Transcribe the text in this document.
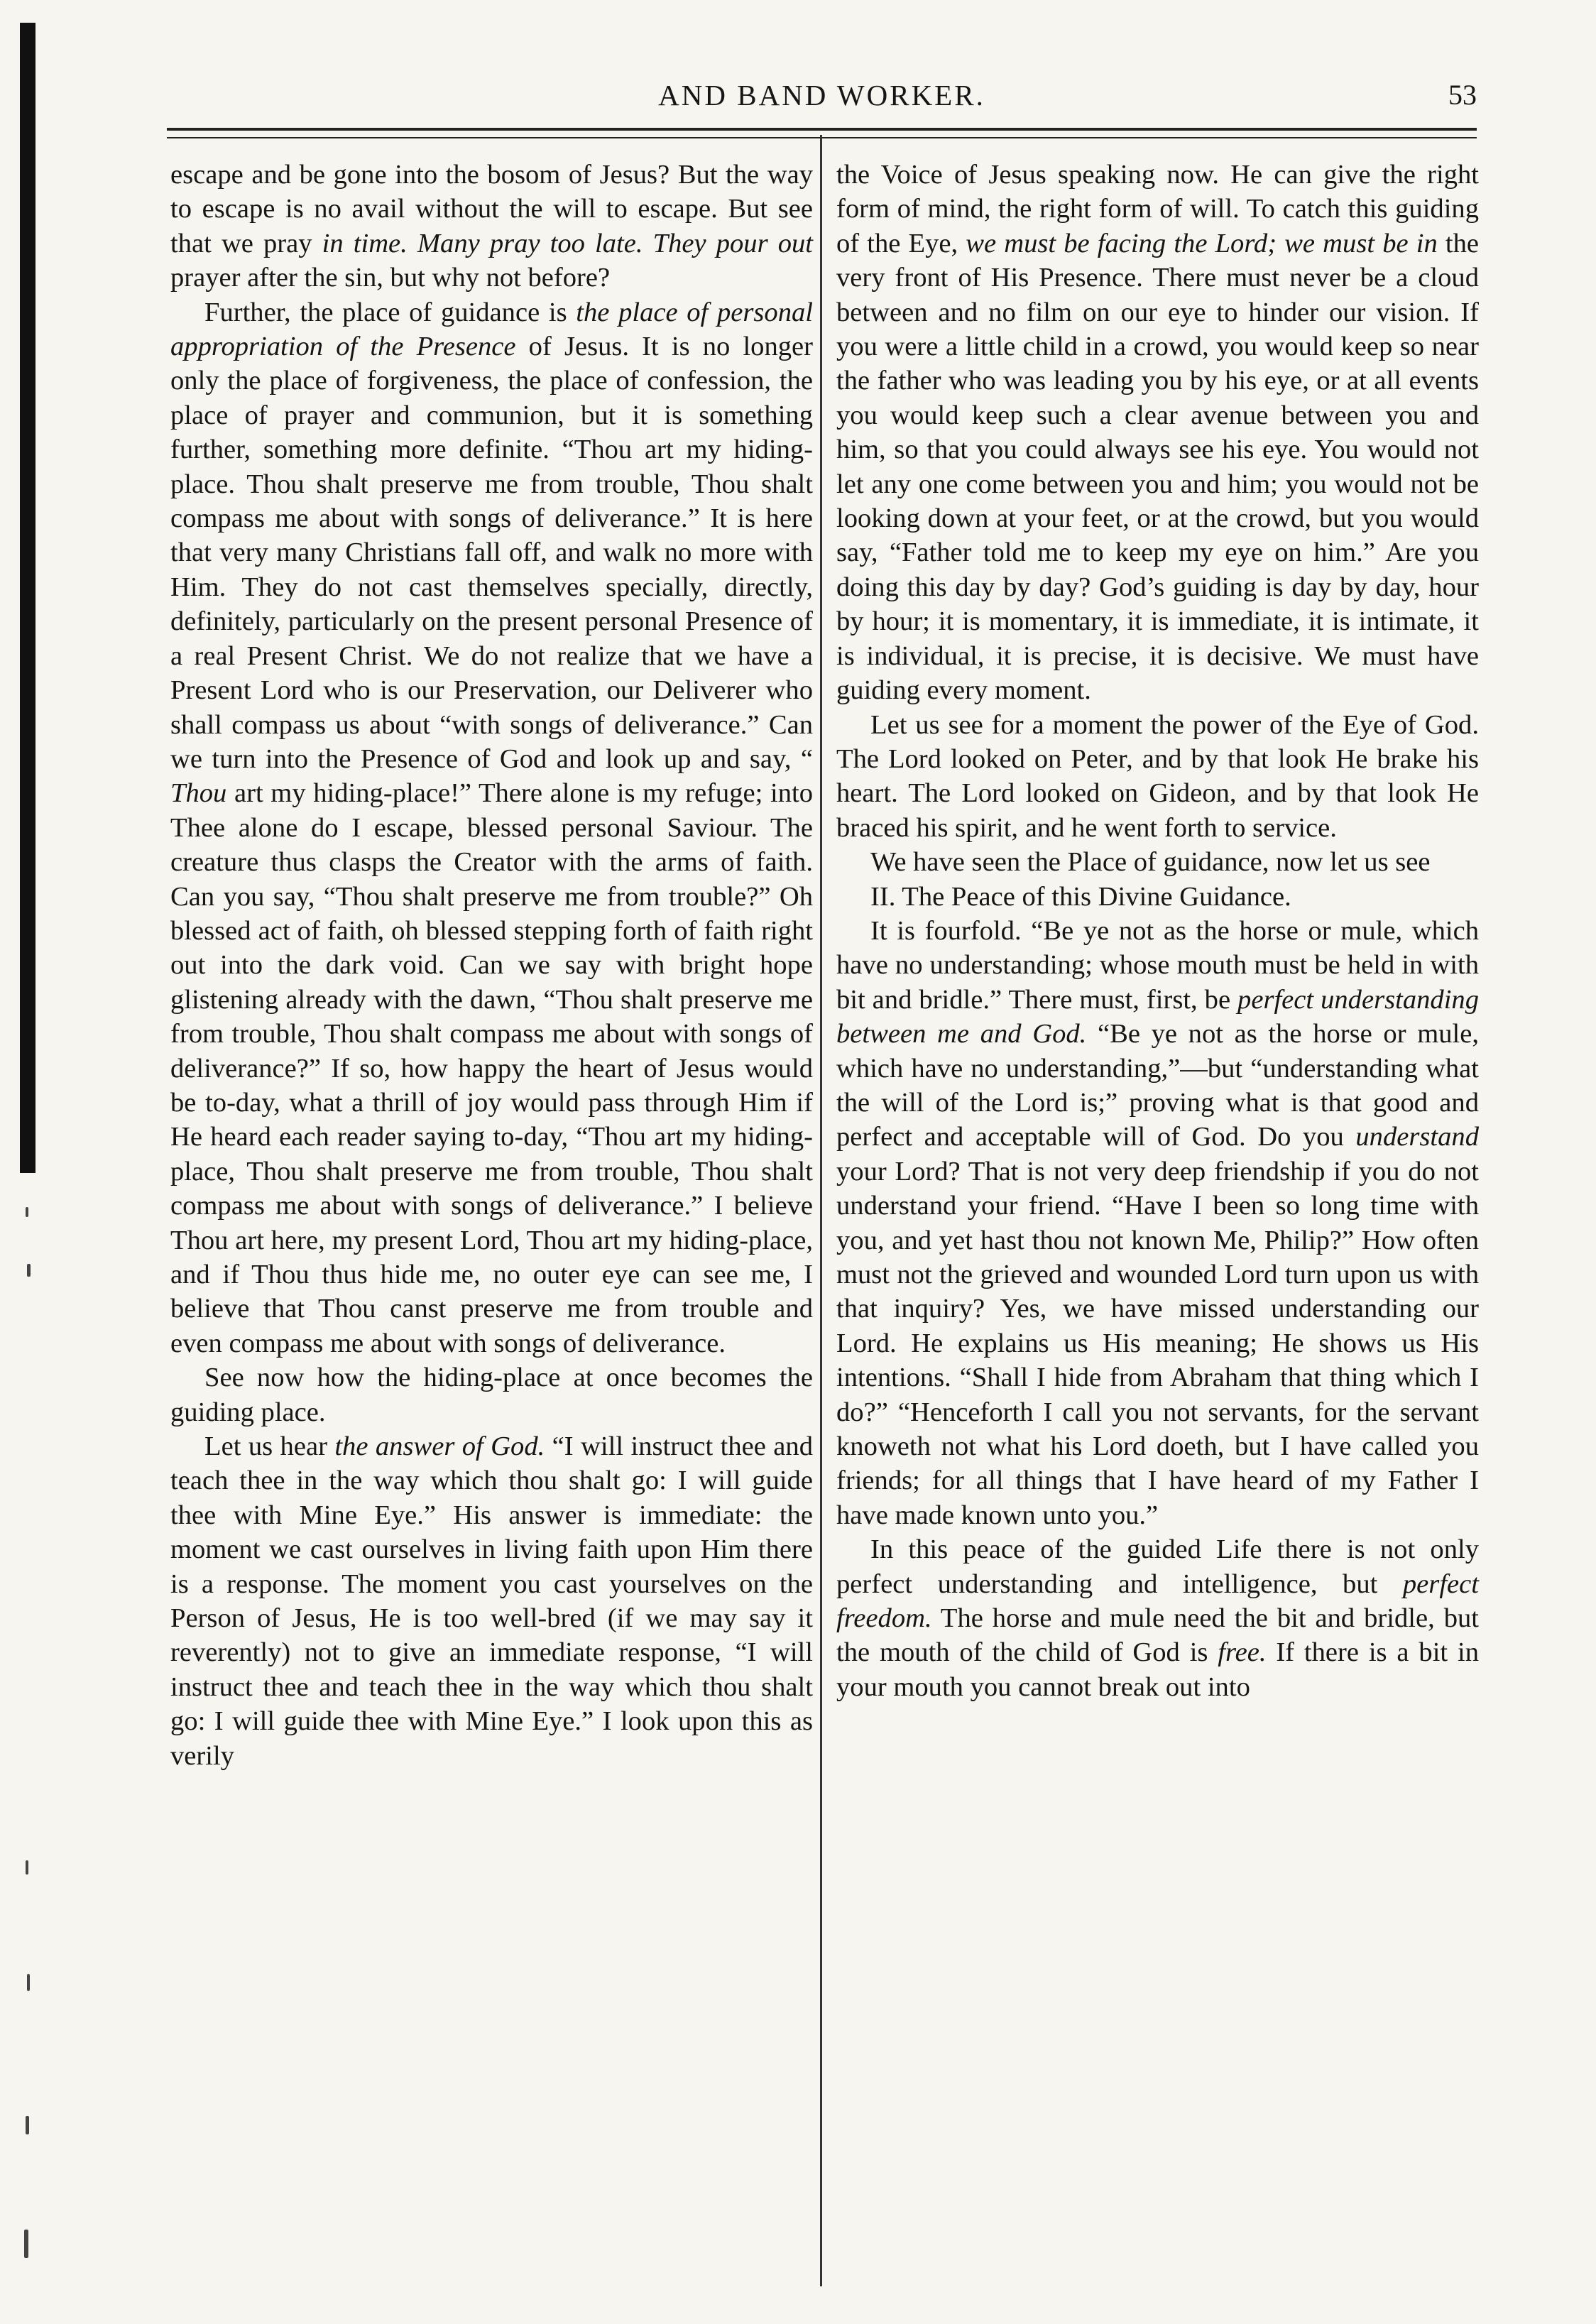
AND BAND WORKER.	53

escape and be gone into the bosom of Jesus? But the way to escape is no avail without the will to escape. But see that we pray in time. Many pray too late. They pour out prayer after the sin, but why not before?

Further, the place of guidance is the place of personal appropriation of the Presence of Jesus. It is no longer only the place of forgiveness, the place of confession, the place of prayer and communion, but it is something further, something more definite. “Thou art my hiding-place. Thou shalt preserve me from trouble, Thou shalt compass me about with songs of deliverance.” It is here that very many Christians fall off, and walk no more with Him. They do not cast themselves specially, directly, definitely, particularly on the present personal Presence of a real Present Christ. We do not realize that we have a Present Lord who is our Preservation, our Deliverer who shall compass us about “with songs of deliverance.” Can we turn into the Presence of God and look up and say, “ Thou art my hiding-place!” There alone is my refuge; into Thee alone do I escape, blessed personal Saviour. The creature thus clasps the Creator with the arms of faith. Can you say, “Thou shalt preserve me from trouble?” Oh blessed act of faith, oh blessed stepping forth of faith right out into the dark void. Can we say with bright hope glistening already with the dawn, “Thou shalt preserve me from trouble, Thou shalt compass me about with songs of deliverance?” If so, how happy the heart of Jesus would be to-day, what a thrill of joy would pass through Him if He heard each reader saying to-day, “Thou art my hiding-place, Thou shalt preserve me from trouble, Thou shalt compass me about with songs of deliverance.” I believe Thou art here, my present Lord, Thou art my hiding-place, and if Thou thus hide me, no outer eye can see me, I believe that Thou canst preserve me from trouble and even compass me about with songs of deliverance.

See now how the hiding-place at once becomes the guiding place.

Let us hear the answer of God. “I will instruct thee and teach thee in the way which thou shalt go: I will guide thee with Mine Eye.” His answer is immediate: the moment we cast ourselves in living faith upon Him there is a response. The moment you cast yourselves on the Person of Jesus, He is too well-bred (if we may say it reverently) not to give an immediate response, “I will instruct thee and teach thee in the way which thou shalt go: I will guide thee with Mine Eye.” I look upon this as verily

the Voice of Jesus speaking now. He can give the right form of mind, the right form of will. To catch this guiding of the Eye, we must be facing the Lord; we must be in the very front of His Presence. There must never be a cloud between and no film on our eye to hinder our vision. If you were a little child in a crowd, you would keep so near the father who was leading you by his eye, or at all events you would keep such a clear avenue between you and him, so that you could always see his eye. You would not let any one come between you and him; you would not be looking down at your feet, or at the crowd, but you would say, “Father told me to keep my eye on him.” Are you doing this day by day? God’s guiding is day by day, hour by hour; it is momentary, it is immediate, it is intimate, it is individual, it is precise, it is decisive. We must have guiding every moment.

Let us see for a moment the power of the Eye of God. The Lord looked on Peter, and by that look He brake his heart. The Lord looked on Gideon, and by that look He braced his spirit, and he went forth to service.

We have seen the Place of guidance, now let us see

II. The Peace of this Divine Guidance.

It is fourfold. “Be ye not as the horse or mule, which have no understanding; whose mouth must be held in with bit and bridle.” There must, first, be perfect understanding between me and God. “Be ye not as the horse or mule, which have no understanding,”—but “understanding what the will of the Lord is;” proving what is that good and perfect and acceptable will of God. Do you understand your Lord? That is not very deep friendship if you do not understand your friend. “Have I been so long time with you, and yet hast thou not known Me, Philip?” How often must not the grieved and wounded Lord turn upon us with that inquiry? Yes, we have missed understanding our Lord. He explains us His meaning; He shows us His intentions. “Shall I hide from Abraham that thing which I do?” “Henceforth I call you not servants, for the servant knoweth not what his Lord doeth, but I have called you friends; for all things that I have heard of my Father I have made known unto you.”

In this peace of the guided Life there is not only perfect understanding and intelligence, but perfect freedom. The horse and mule need the bit and bridle, but the mouth of the child of God is free. If there is a bit in your mouth you cannot break out into
